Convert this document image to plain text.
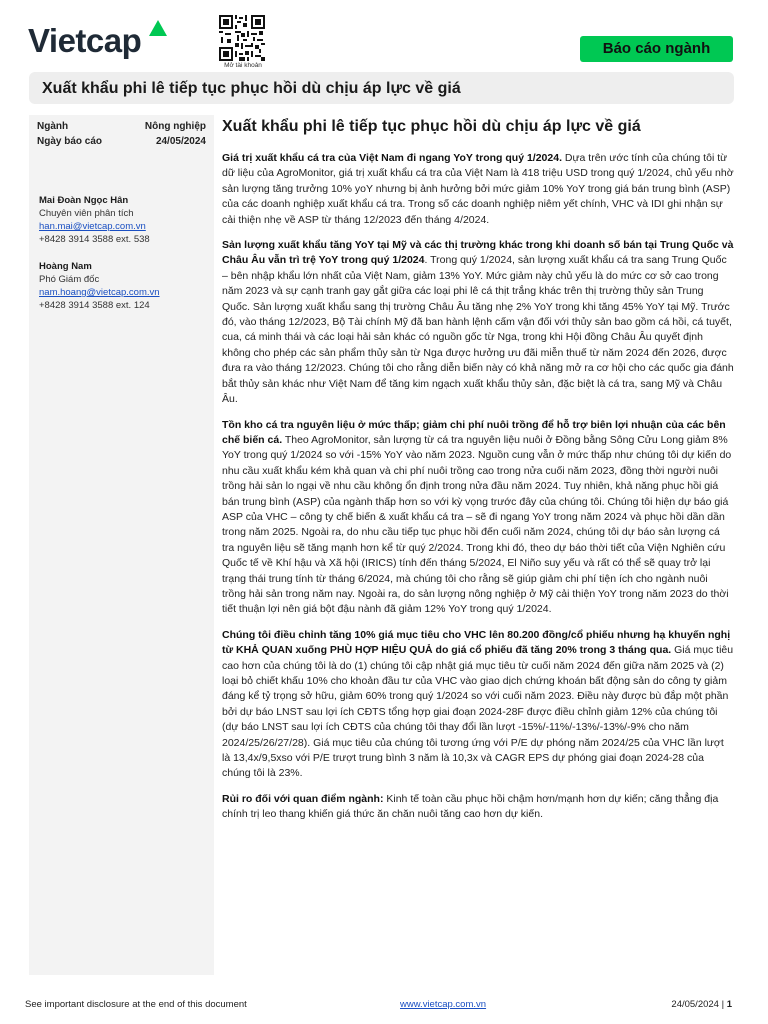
Vietcap
Mở tài khoản
Báo cáo ngành
Xuất khẩu phi lê tiếp tục phục hồi dù chịu áp lực về giá
Ngành	Nông nghiệp
Ngày báo cáo	24/05/2024
Mai Đoàn Ngọc Hân
Chuyên viên phân tích
han.mai@vietcap.com.vn
+8428 3914 3588 ext. 538
Hoàng Nam
Phó Giám đốc
nam.hoang@vietcap.com.vn
+8428 3914 3588 ext. 124
Xuất khẩu phi lê tiếp tục phục hồi dù chịu áp lực về giá

Giá trị xuất khẩu cá tra của Việt Nam đi ngang YoY trong quý 1/2024. Dựa trên ước tính của chúng tôi từ dữ liệu của AgroMonitor, giá trị xuất khẩu cá tra của Việt Nam là 418 triệu USD trong quý 1/2024, chủ yếu nhờ sản lượng tăng trưởng 10% yoY nhưng bị ảnh hưởng bởi mức giảm 10% YoY trong giá bán trung bình (ASP) của các doanh nghiệp xuất khẩu cá tra. Trong số các doanh nghiệp niêm yết chính, VHC và IDI ghi nhận sự cải thiện nhẹ về ASP từ tháng 12/2023 đến tháng 4/2024.

Sản lượng xuất khẩu tăng YoY tại Mỹ và các thị trường khác trong khi doanh số bán tại Trung Quốc và Châu Âu vẫn trì trệ YoY trong quý 1/2024. Trong quý 1/2024, sản lượng xuất khẩu cá tra sang Trung Quốc – bên nhập khẩu lớn nhất của Việt Nam, giảm 13% YoY. Mức giảm này chủ yếu là do mức cơ sở cao trong năm 2023 và sự cạnh tranh gay gắt giữa các loại phi lê cá thịt trắng khác trên thị trường thủy sản Trung Quốc. Sản lượng xuất khẩu sang thị trường Châu Âu tăng nhẹ 2% YoY trong khi tăng 45% YoY tại Mỹ. Trước đó, vào tháng 12/2023, Bộ Tài chính Mỹ đã ban hành lệnh cấm vận đối với thủy sản bao gồm cá hồi, cá tuyết, cua, cá minh thái và các loại hải sản khác có nguồn gốc từ Nga, trong khi Hội đồng Châu Âu quyết định không cho phép các sản phẩm thủy sản từ Nga được hưởng ưu đãi miễn thuế từ năm 2024 đến 2026, được đưa ra vào tháng 12/2023. Chúng tôi cho rằng diễn biến này có khả năng mở ra cơ hội cho các quốc gia đánh bắt thủy sản khác như Việt Nam để tăng kim ngạch xuất khẩu thủy sản, đặc biệt là cá tra, sang Mỹ và Châu Âu.

Tồn kho cá tra nguyên liệu ở mức thấp; giảm chi phí nuôi trồng để hỗ trợ biên lợi nhuận của các bên chế biến cá. Theo AgroMonitor, sản lượng từ cá tra nguyên liệu nuôi ở Đồng bằng Sông Cửu Long giảm 8% YoY trong quý 1/2024 so với -15% YoY vào năm 2023. Nguồn cung vẫn ở mức thấp như chúng tôi dự kiến do nhu cầu xuất khẩu kém khả quan và chi phí nuôi trồng cao trong nửa cuối năm 2023, đồng thời người nuôi trồng hải sản lo ngại về nhu cầu không ổn định trong nửa đầu năm 2024. Tuy nhiên, khả năng phục hồi giá bán trung bình (ASP) của ngành thấp hơn so với kỳ vọng trước đây của chúng tôi. Chúng tôi hiện dự báo giá ASP của VHC – công ty chế biến & xuất khẩu cá tra – sẽ đi ngang YoY trong năm 2024 và phục hồi dần dần trong năm 2025. Ngoài ra, do nhu cầu tiếp tục phục hồi đến cuối năm 2024, chúng tôi dự báo sản lượng cá tra nguyên liệu sẽ tăng mạnh hơn kể từ quý 2/2024. Trong khi đó, theo dự báo thời tiết của Viện Nghiên cứu Quốc tế về Khí hậu và Xã hội (IRICS) tính đến tháng 5/2024, El Niño suy yếu và rất có thể sẽ quay trở lại trạng thái trung tính từ tháng 6/2024, mà chúng tôi cho rằng sẽ giúp giảm chi phí tiện ích cho ngành nuôi trồng hải sản trong năm nay. Ngoài ra, do sản lượng nông nghiệp ở Mỹ cải thiện YoY trong năm 2023 do thời tiết thuận lợi nên giá bột đậu nành đã giảm 12% YoY trong quý 1/2024.

Chúng tôi điều chỉnh tăng 10% giá mục tiêu cho VHC lên 80.200 đồng/cổ phiếu nhưng hạ khuyến nghị từ KHẢ QUAN xuống PHÙ HỢP HIỆU QUẢ do giá cổ phiếu đã tăng 20% trong 3 tháng qua. Giá mục tiêu cao hơn của chúng tôi là do (1) chúng tôi cập nhật giá mục tiêu từ cuối năm 2024 đến giữa năm 2025 và (2) loại bỏ chiết khấu 10% cho khoản đầu tư của VHC vào giao dịch chứng khoán bất động sản do công ty giảm đáng kể tỷ trọng sở hữu, giảm 60% trong quý 1/2024 so với cuối năm 2023. Điều này được bù đắp một phần bởi dự báo LNST sau lợi ích CĐTS tổng hợp giai đoạn 2024-28F được điều chỉnh giảm 12% của chúng tôi (dự báo LNST sau lợi ích CĐTS của chúng tôi thay đổi lần lượt -15%/-11%/-13%/-13%/-9% cho năm 2024/25/26/27/28). Giá mục tiêu của chúng tôi tương ứng với P/E dự phóng năm 2024/25 của VHC lần lượt là 13,4x/9,5xso với P/E trượt trung bình 3 năm là 10,3x và CAGR EPS dự phóng giai đoạn 2024-28 của chúng tôi là 23%.

Rủi ro đối với quan điểm ngành: Kinh tế toàn cầu phục hồi chậm hơn/mạnh hơn dự kiến; căng thẳng địa chính trị leo thang khiến giá thức ăn chăn nuôi tăng cao hơn dự kiến.

See important disclosure at the end of this document	www.vietcap.com.vn	24/05/2024 | 1
